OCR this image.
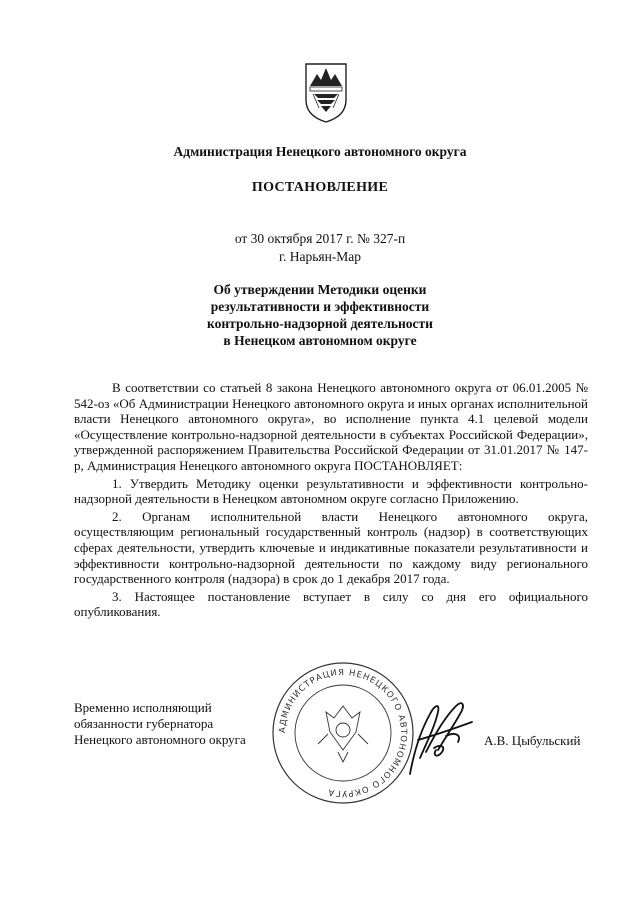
Администрация Ненецкого автономного округа
ПОСТАНОВЛЕНИЕ
от 30 октября 2017 г. № 327-п
г. Нарьян-Мар
Об утверждении Методики оценки
результативности и эффективности
контрольно-надзорной деятельности
в Ненецком автономном округе

В соответствии со статьей 8 закона Ненецкого автономного округа от 06.01.2005 № 542-оз «Об Администрации Ненецкого автономного округа и иных органах исполнительной власти Ненецкого автономного округа», во исполнение пункта 4.1 целевой модели «Осуществление контрольно-надзорной деятельности в субъектах Российской Федерации», утвержденной распоряжением Правительства Российской Федерации от 31.01.2017 № 147-р, Администрация Ненецкого автономного округа ПОСТАНОВЛЯЕТ:

1. Утвердить Методику оценки результативности и эффективности контрольно-надзорной деятельности в Ненецком автономном округе согласно Приложению.

2. Органам исполнительной власти Ненецкого автономного округа, осуществляющим региональный государственный контроль (надзор) в соответствующих сферах деятельности, утвердить ключевые и индикативные показатели результативности и эффективности контрольно-надзорной деятельности по каждому виду регионального государственного контроля (надзора) в срок до 1 декабря 2017 года.

3. Настоящее постановление вступает в силу со дня его официального опубликования.

АДМИНИСТРАЦИЯ НЕНЕЦКОГО АВТОНОМНОГО ОКРУГА
Временно исполняющий
обязанности губернатора
Ненецкого автономного округа	А.В. Цыбульский
